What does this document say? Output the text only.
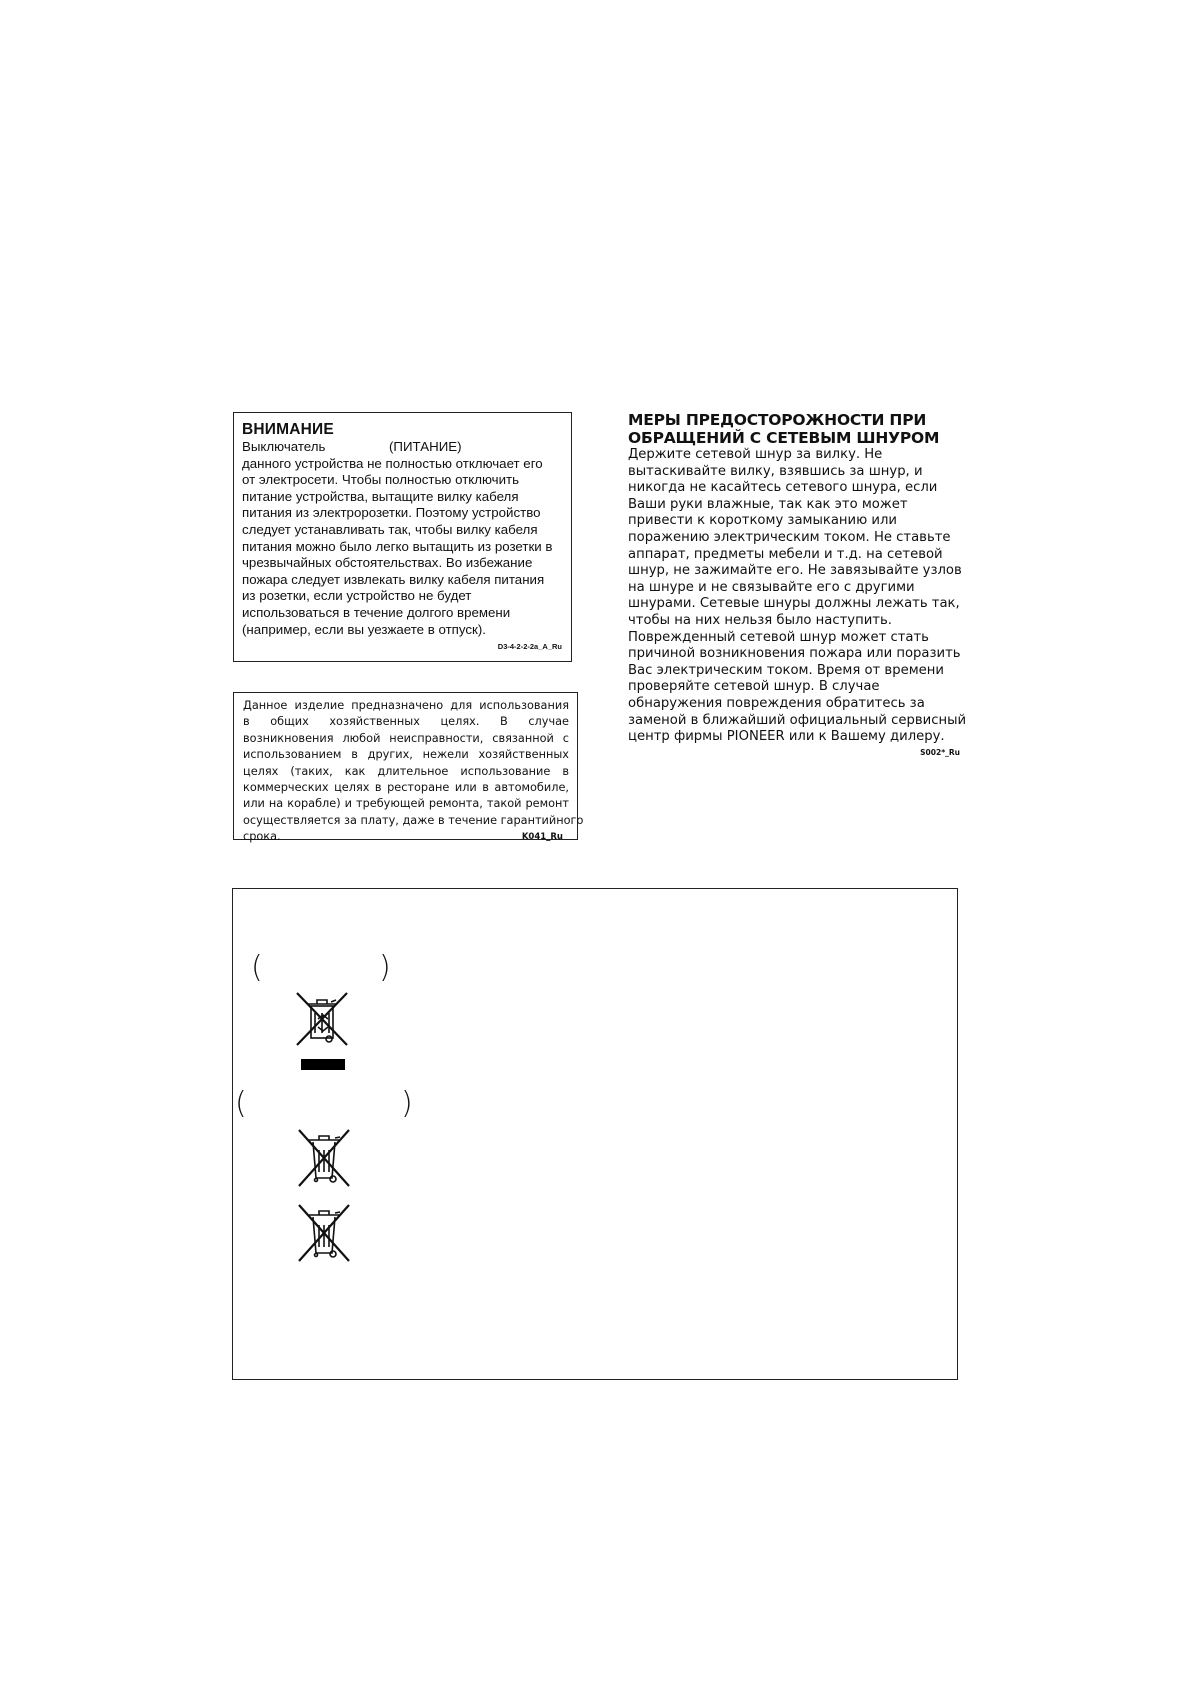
ВНИМАНИЕ
Выключатель	(ПИТАНИЕ)
данного устройства не полностью отключает его
от электросети. Чтобы полностью отключить
питание устройства, вытащите вилку кабеля
питания из электророзетки. Поэтому устройство
следует устанавливать так, чтобы вилку кабеля
питания можно было легко вытащить из розетки в
чрезвычайных обстоятельствах. Во избежание
пожара следует извлекать вилку кабеля питания
из розетки, если устройство не будет
использоваться в течение долгого времени
(например, если вы уезжаете в отпуск).
D3-4-2-2-2a_A_Ru
Данное изделие предназначено для использования
в общих хозяйственных целях. В случае
возникновения любой неисправности, связанной с
использованием в других, нежели хозяйственных
целях (таких, как длительное использование в
коммерческих целях в ресторане или в автомобиле,
или на корабле) и требующей ремонта, такой ремонт
осуществляется за плату, даже в течение гарантийного
срока.	K041_Ru
МЕРЫ ПРЕДОСТОРОЖНОСТИ ПРИ
ОБРАЩЕНИЙ С СЕТЕВЫМ ШНУРОМ
Держите сетевой шнур за вилку. Не
вытаскивайте вилку, взявшись за шнур, и
никогда не касайтесь сетевого шнура, если
Ваши руки влажные, так как это может
привести к короткому замыканию или
поражению электрическим током. Не ставьте
аппарат, предметы мебели и т.д. на сетевой
шнур, не зажимайте его. Не завязывайте узлов
на шнуре и не связывайте его с другими
шнурами. Сетевые шнуры должны лежать так,
чтобы на них нельзя было наступить.
Поврежденный сетевой шнур может стать
причиной возникновения пожара или поразить
Вас электрическим током. Время от времени
проверяйте сетевой шнур. В случае
обнаружения повреждения обратитесь за
заменой в ближайший официальный сервисный
центр фирмы PIONEER или к Вашему дилеру.
S002*_Ru
(	)
(	)
